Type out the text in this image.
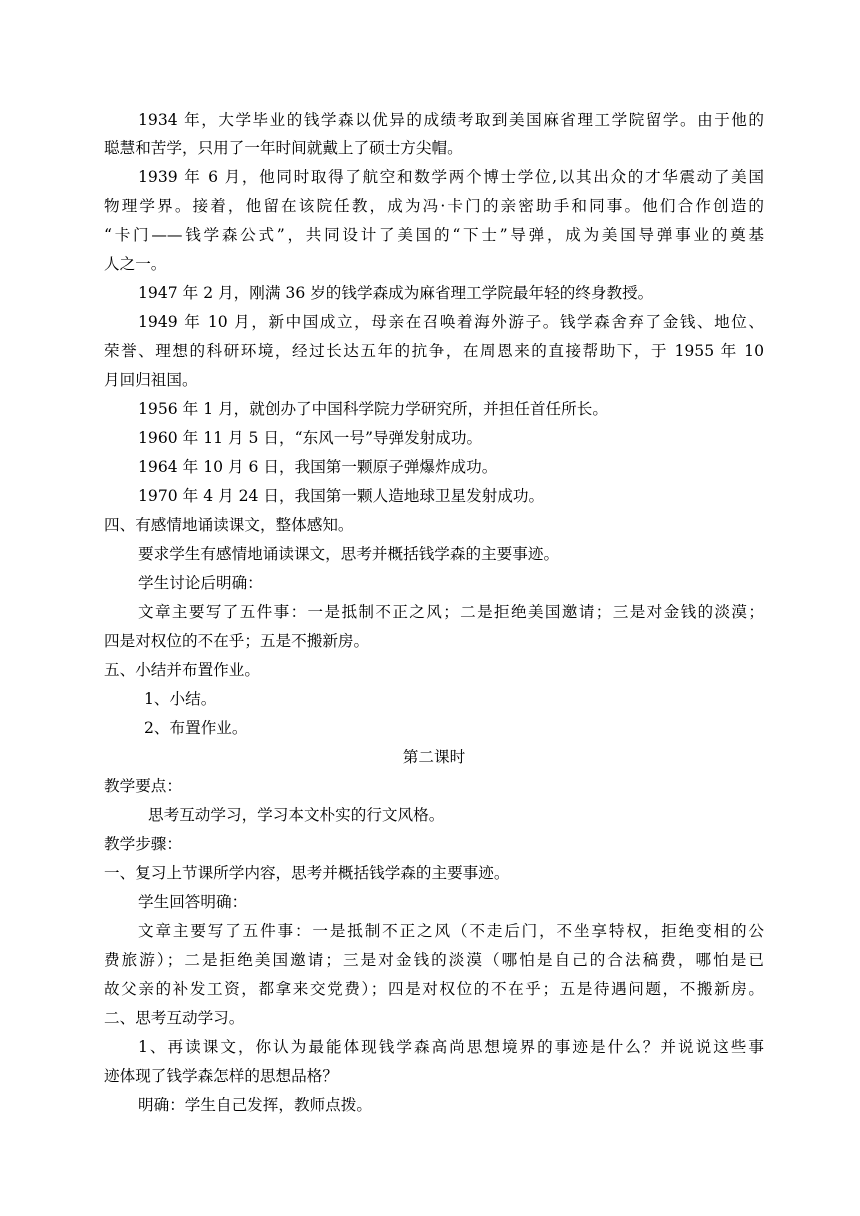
1934 年，大学毕业的钱学森以优异的成绩考取到美国麻省理工学院留学。由于他的
聪慧和苦学，只用了一年时间就戴上了硕士方尖帽。
1939 年 6 月，他同时取得了航空和数学两个博士学位,以其出众的才华震动了美国
物理学界。接着，他留在该院任教，成为冯·卡门的亲密助手和同事。他们合作创造的
“卡门——钱学森公式”，共同设计了美国的“下士”导弹，成为美国导弹事业的奠基
人之一。
1947 年 2 月，刚满 36 岁的钱学森成为麻省理工学院最年轻的终身教授。
1949 年 10 月，新中国成立，母亲在召唤着海外游子。钱学森舍弃了金钱、地位、
荣誉、理想的科研环境，经过长达五年的抗争，在周恩来的直接帮助下，于 1955 年 10
月回归祖国。
1956 年 1 月，就创办了中国科学院力学研究所，并担任首任所长。
1960 年 11 月 5 日，“东风一号”导弹发射成功。
1964 年 10 月 6 日，我国第一颗原子弹爆炸成功。
1970 年 4 月 24 日，我国第一颗人造地球卫星发射成功。
四、有感情地诵读课文，整体感知。
要求学生有感情地诵读课文，思考并概括钱学森的主要事迹。
学生讨论后明确：
文章主要写了五件事：一是抵制不正之风；二是拒绝美国邀请；三是对金钱的淡漠；
四是对权位的不在乎；五是不搬新房。
五、小结并布置作业。
1、小结。
2、布置作业。
第二课时
教学要点：
思考互动学习，学习本文朴实的行文风格。
教学步骤：
一、复习上节课所学内容，思考并概括钱学森的主要事迹。
学生回答明确：
文章主要写了五件事：一是抵制不正之风（不走后门，不坐享特权，拒绝变相的公
费旅游）；二是拒绝美国邀请；三是对金钱的淡漠（哪怕是自己的合法稿费，哪怕是已
故父亲的补发工资，都拿来交党费）；四是对权位的不在乎；五是待遇问题，不搬新房。
二、思考互动学习。
1、再读课文，你认为最能体现钱学森高尚思想境界的事迹是什么？并说说这些事
迹体现了钱学森怎样的思想品格？
明确：学生自己发挥，教师点拨。
